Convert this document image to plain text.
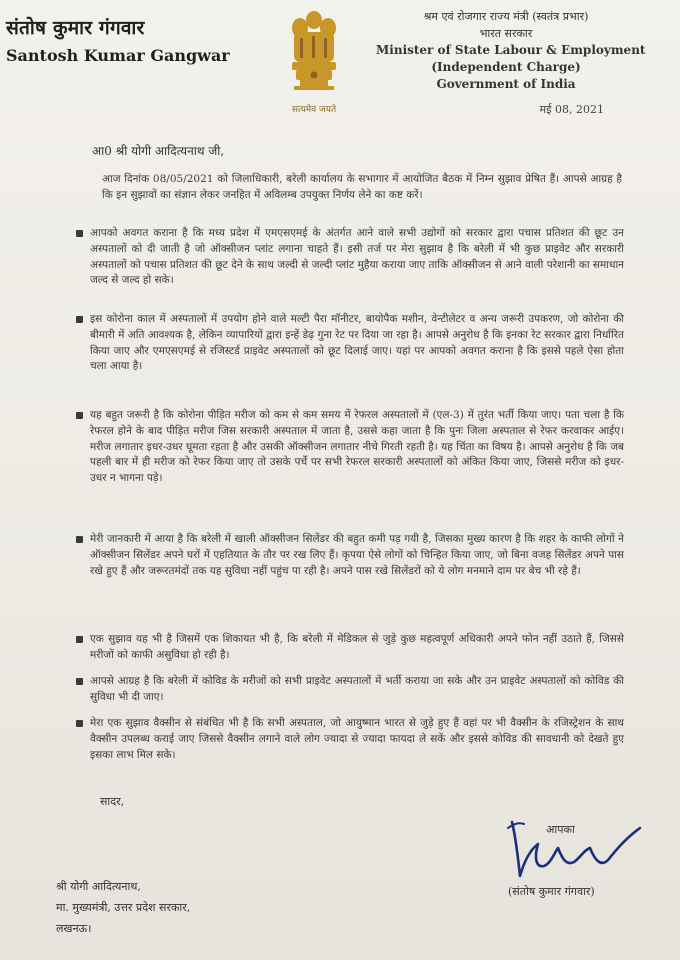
संतोष कुमार गंगवार
Santosh Kumar Gangwar
सत्यमेव जयते
श्रम एवं रोजगार राज्य मंत्री (स्वतंत्र प्रभार)
भारत सरकार
Minister of State Labour & Employment
(Independent Charge)
Government of India
मई 08, 2021
आ0 श्री योगी आदित्यनाथ जी,
आज दिनांक 08/05/2021 को जिलाधिकारी, बरेली कार्यालय के सभागार में आयोजित बैठक में निम्न सुझाव प्रेषित हैं। आपसे आग्रह है कि इन सुझावों का संज्ञान लेकर जनहित में अविलम्ब उपयुक्त निर्णय लेने का कष्ट करें।
आपको अवगत कराना है कि मध्य प्रदेश में एमएसएमई के अंतर्गत आने वाले सभी उद्योगों को सरकार द्वारा पचास प्रतिशत की छूट उन अस्पतालों को दी जाती है जो ऑक्सीजन प्लांट लगाना चाहते हैं। इसी तर्ज पर मेरा सुझाव है कि बरेली में भी कुछ प्राइवेट और सरकारी अस्पतालों को पचास प्रतिशत की छूट देने के साथ जल्दी से जल्दी प्लांट मुहैया कराया जाए ताकि ऑक्सीजन से आने वाली परेशानी का समाधान जल्द से जल्द हो सके।
इस कोरोना काल में अस्पतालों में उपयोग होने वाले मल्टी पैरा मॉनीटर, बायोपैक मशीन, वेन्टीलेटर व अन्य जरूरी उपकरण, जो कोरोना की बीमारी में अति आवश्यक है, लेकिन व्यापारियों द्वारा इन्हें डेढ़ गुना रेट पर दिया जा रहा है। आपसे अनुरोध है कि इनका रेट सरकार द्वारा निर्धारित किया जाए और एमएसएमई से रजिस्टर्ड प्राइवेट अस्पतालों को छूट दिलाई जाए। यहां पर आपको अवगत कराना है कि इससे पहले ऐसा होता चला आया है।
यह बहुत जरूरी है कि कोरोना पीड़ित मरीज को कम से कम समय में रेफरल अस्पतालों में (एल-3) में तुरंत भर्ती किया जाए। पता चला है कि रेफरल होने के बाद पीड़ित मरीज जिस सरकारी अस्पताल में जाता है, उससे कहा जाता है कि पुनः जिला अस्पताल से रेफर करवाकर आईए। मरीज लगातार इधर-उधर घूमता रहता है और उसकी ऑक्सीजन लगातार नीचे गिरती रहती है। यह चिंता का विषय है। आपसे अनुरोध है कि जब पहली बार में ही मरीज को रेफर किया जाए तो उसके पर्चे पर सभी रेफरल सरकारी अस्पतालों को अंकित किया जाए, जिससे मरीज को इधर-उधर न भागना पड़े।
मेरी जानकारी में आया है कि बरेली में खाली ऑक्सीजन सिलेंडर की बहुत कमी पड़ गयी है, जिसका मुख्य कारण है कि शहर के काफी लोगों ने ऑक्सीजन सिलेंडर अपने घरों में एहतियात के तौर पर रख लिए हैं। कृपया ऐसे लोगों को चिन्हित किया जाए, जो बिना वजह सिलेंडर अपने पास रखे हुए हैं और जरूरतमंदों तक यह सुविधा नहीं पहुंच पा रही है। अपने पास रखे सिलेंडरों को ये लोग मनमाने दाम पर बेच भी रहे हैं।
एक सुझाव यह भी है जिसमें एक शिकायत भी है, कि बरेली में मेडिकल से जुड़े कुछ महत्वपूर्ण अधिकारी अपने फोन नहीं उठाते हैं, जिससे मरीजों को काफी असुविधा हो रही है।
आपसे आग्रह है कि बरेली में कोविड के मरीजों को सभी प्राइवेट अस्पतालों में भर्ती कराया जा सके और उन प्राइवेट अस्पतालों को कोविड की सुविधा भी दी जाए।
मेरा एक सुझाव वैक्सीन से संबंधित भी है कि सभी अस्पताल, जो आयुष्मान भारत से जुड़े हुए हैं वहां पर भी वैक्सीन के रजिस्ट्रेशन के साथ वैक्सीन उपलब्ध कराई जाए जिससे वैक्सीन लगाने वाले लोग ज्यादा से ज्यादा फायदा ले सकें और इससे कोविड की सावधानी को देखते हुए इसका लाभ मिल सके।
सादर,
आपका
(संतोष कुमार गंगवार)
श्री योगी आदित्यनाथ,
मा. मुख्यमंत्री, उत्तर प्रदेश सरकार,
लखनऊ।
